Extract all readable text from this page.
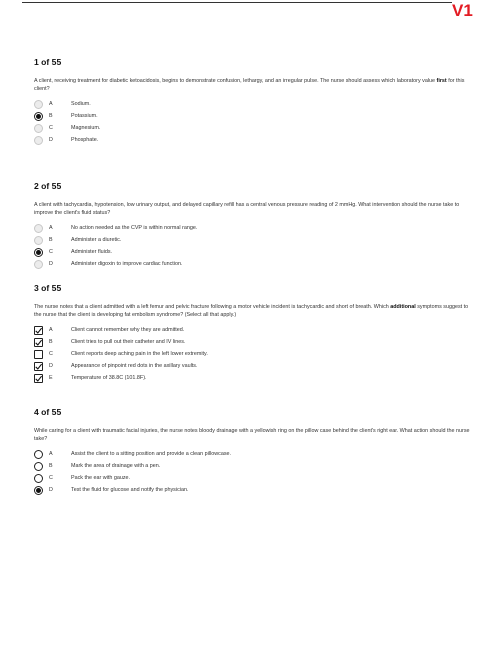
V1
1 of 55
A client, receiving treatment for diabetic ketoacidosis, begins to demonstrate confusion, lethargy, and an irregular pulse. The nurse should assess which laboratory value first for this client?
A	Sodium.
B	Potassium.
C	Magnesium.
D	Phosphate.
2 of 55
A client with tachycardia, hypotension, low urinary output, and delayed capillary refill has a central venous pressure reading of 2 mmHg. What intervention should the nurse take to improve the client's fluid status?
A	No action needed as the CVP is within normal range.
B	Administer a diuretic.
C	Administer fluids.
D	Administer digoxin to improve cardiac function.
3 of 55
The nurse notes that a client admitted with a left femur and pelvic fracture following a motor vehicle incident is tachycardic and short of breath. Which additional symptoms suggest to the nurse that the client is developing fat embolism syndrome? (Select all that apply.)
A	Client cannot remember why they are admitted.
B	Client tries to pull out their catheter and IV lines.
C	Client reports deep aching pain in the left lower extremity.
D	Appearance of pinpoint red dots in the axillary vaults.
E	Temperature of 38.8C (101.8F).
4 of 55
While caring for a client with traumatic facial injuries, the nurse notes bloody drainage with a yellowish ring on the pillow case behind the client's right ear. What action should the nurse take?
A	Assist the client to a sitting position and provide a clean pillowcase.
B	Mark the area of drainage with a pen.
C	Pack the ear with gauze.
D	Test the fluid for glucose and notify the physician.
